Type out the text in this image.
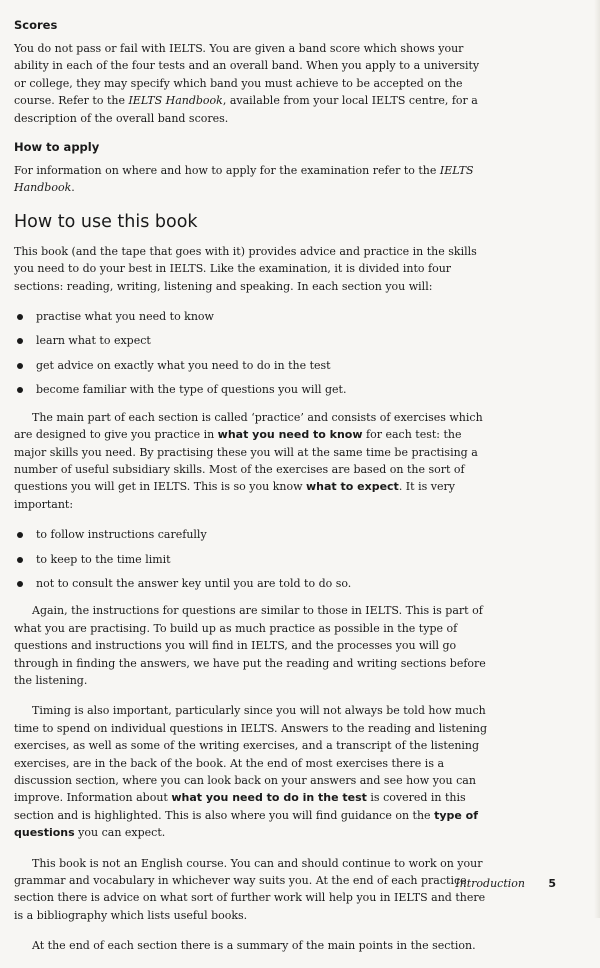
Scores

You do not pass or fail with IELTS. You are given a band score which shows your ability in each of the four tests and an overall band. When you apply to a university or college, they may specify which band you must achieve to be accepted on the course. Refer to the IELTS Handbook, available from your local IELTS centre, for a description of the overall band scores.

How to apply

For information on where and how to apply for the examination refer to the IELTS Handbook.

How to use this book

This book (and the tape that goes with it) provides advice and practice in the skills you need to do your best in IELTS. Like the examination, it is divided into four sections: reading, writing, listening and speaking. In each section you will:

practise what you need to know
learn what to expect
get advice on exactly what you need to do in the test
become familiar with the type of questions you will get.

The main part of each section is called ‘practice’ and consists of exercises which are designed to give you practice in what you need to know for each test: the major skills you need. By practising these you will at the same time be practising a number of useful subsidiary skills. Most of the exercises are based on the sort of questions you will get in IELTS. This is so you know what to expect. It is very important:

to follow instructions carefully
to keep to the time limit
not to consult the answer key until you are told to do so.

Again, the instructions for questions are similar to those in IELTS. This is part of what you are practising. To build up as much practice as possible in the type of questions and instructions you will find in IELTS, and the processes you will go through in finding the answers, we have put the reading and writing sections before the listening.

Timing is also important, particularly since you will not always be told how much time to spend on individual questions in IELTS. Answers to the reading and listening exercises, as well as some of the writing exercises, and a transcript of the listening exercises, are in the back of the book. At the end of most exercises there is a discussion section, where you can look back on your answers and see how you can improve. Information about what you need to do in the test is covered in this section and is highlighted. This is also where you will find guidance on the type of questions you can expect.

This book is not an English course. You can and should continue to work on your grammar and vocabulary in whichever way suits you. At the end of each practice section there is advice on what sort of further work will help you in IELTS and there is a bibliography which lists useful books.

At the end of each section there is a summary of the main points in the section.

Introduction 5
